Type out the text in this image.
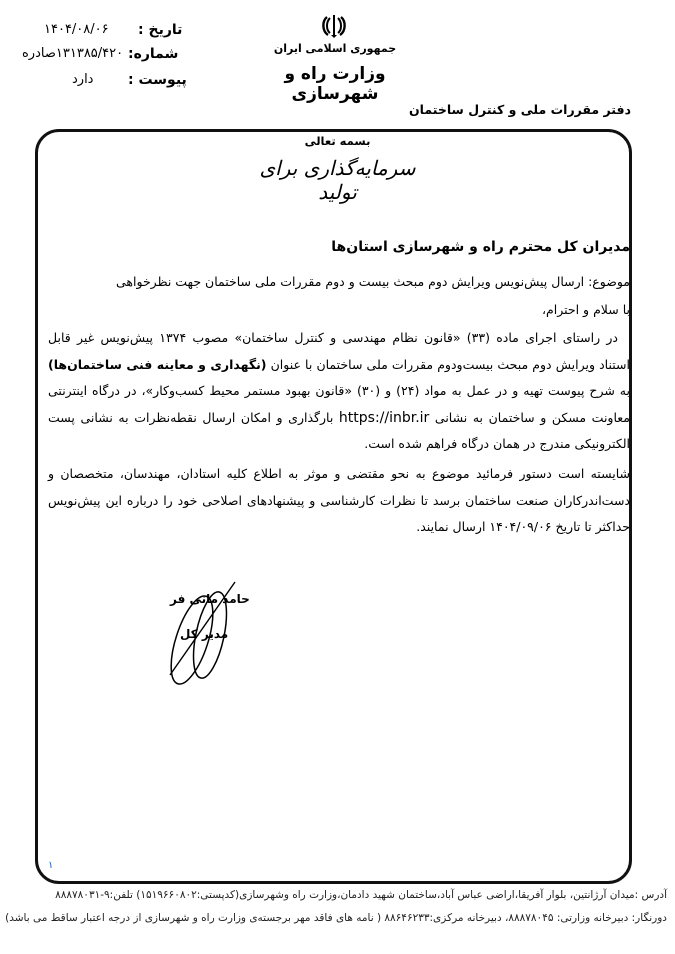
تاریخ :
۱۴۰۴/۰۸/۰۶
شماره:
۱۳۱۳۸۵/۴۲۰صادره
پیوست :
دارد
جمهوری اسلامی ایران
وزارت راه و شهرسازی
دفتر مقررات ملی و کنترل ساختمان
بسمه تعالی
سرمایه‌گذاری برای تولید
مدیران کل محترم راه و شهرسازی استان‌ها
موضوع: ارسال پیش‌نویس ویرایش دوم مبحث بیست و دوم مقررات ملی ساختمان جهت نظرخواهی
با سلام و احترام،
در راستای اجرای ماده (۳۳) «قانون نظام مهندسی و کنترل ساختمان» مصوب ۱۳۷۴ پیش‌نویس غیر قابل استناد ویرایش دوم مبحث بیست‌ودوم مقررات ملی ساختمان با عنوان (نگهداری و معاینه فنی ساختمان‌ها) به شرح پیوست تهیه و در عمل به مواد (۲۴) و (۳۰) «قانون بهبود مستمر محیط کسب‌وکار»، در درگاه اینترنتی معاونت مسکن و ساختمان به نشانی https://inbr.ir بارگذاری و امکان ارسال نقطه‌نظرات به نشانی پست الکترونیکی مندرج در همان درگاه فراهم شده است.
شایسته است دستور فرمائید موضوع به نحو مقتضی و موثر به اطلاع کلیه استادان، مهندسان، متخصصان و دست‌اندرکاران صنعت ساختمان برسد تا نظرات کارشناسی و پیشنهادهای اصلاحی خود را درباره این پیش‌نویس حداکثر تا تاریخ ۱۴۰۴/۰۹/۰۶ ارسال نمایند.
حامد مانی فر
مدیر کل
۱
آدرس :میدان آرژانتین، بلوار آفریقا،اراضی عباس آباد،ساختمان شهید دادمان،وزارت راه وشهرسازی(کدپستی:۱۵۱۹۶۶۰۸۰۲) تلفن:۹-۸۸۸۷۸۰۳۱
دورنگار: دبیرخانه وزارتی: ۸۸۸۷۸۰۴۵، دبیرخانه مرکزی:۸۸۶۴۶۲۳۳ ( نامه های فاقد مهر برجسته‌ی وزارت راه و شهرسازی از درجه اعتبار ساقط می باشد)
